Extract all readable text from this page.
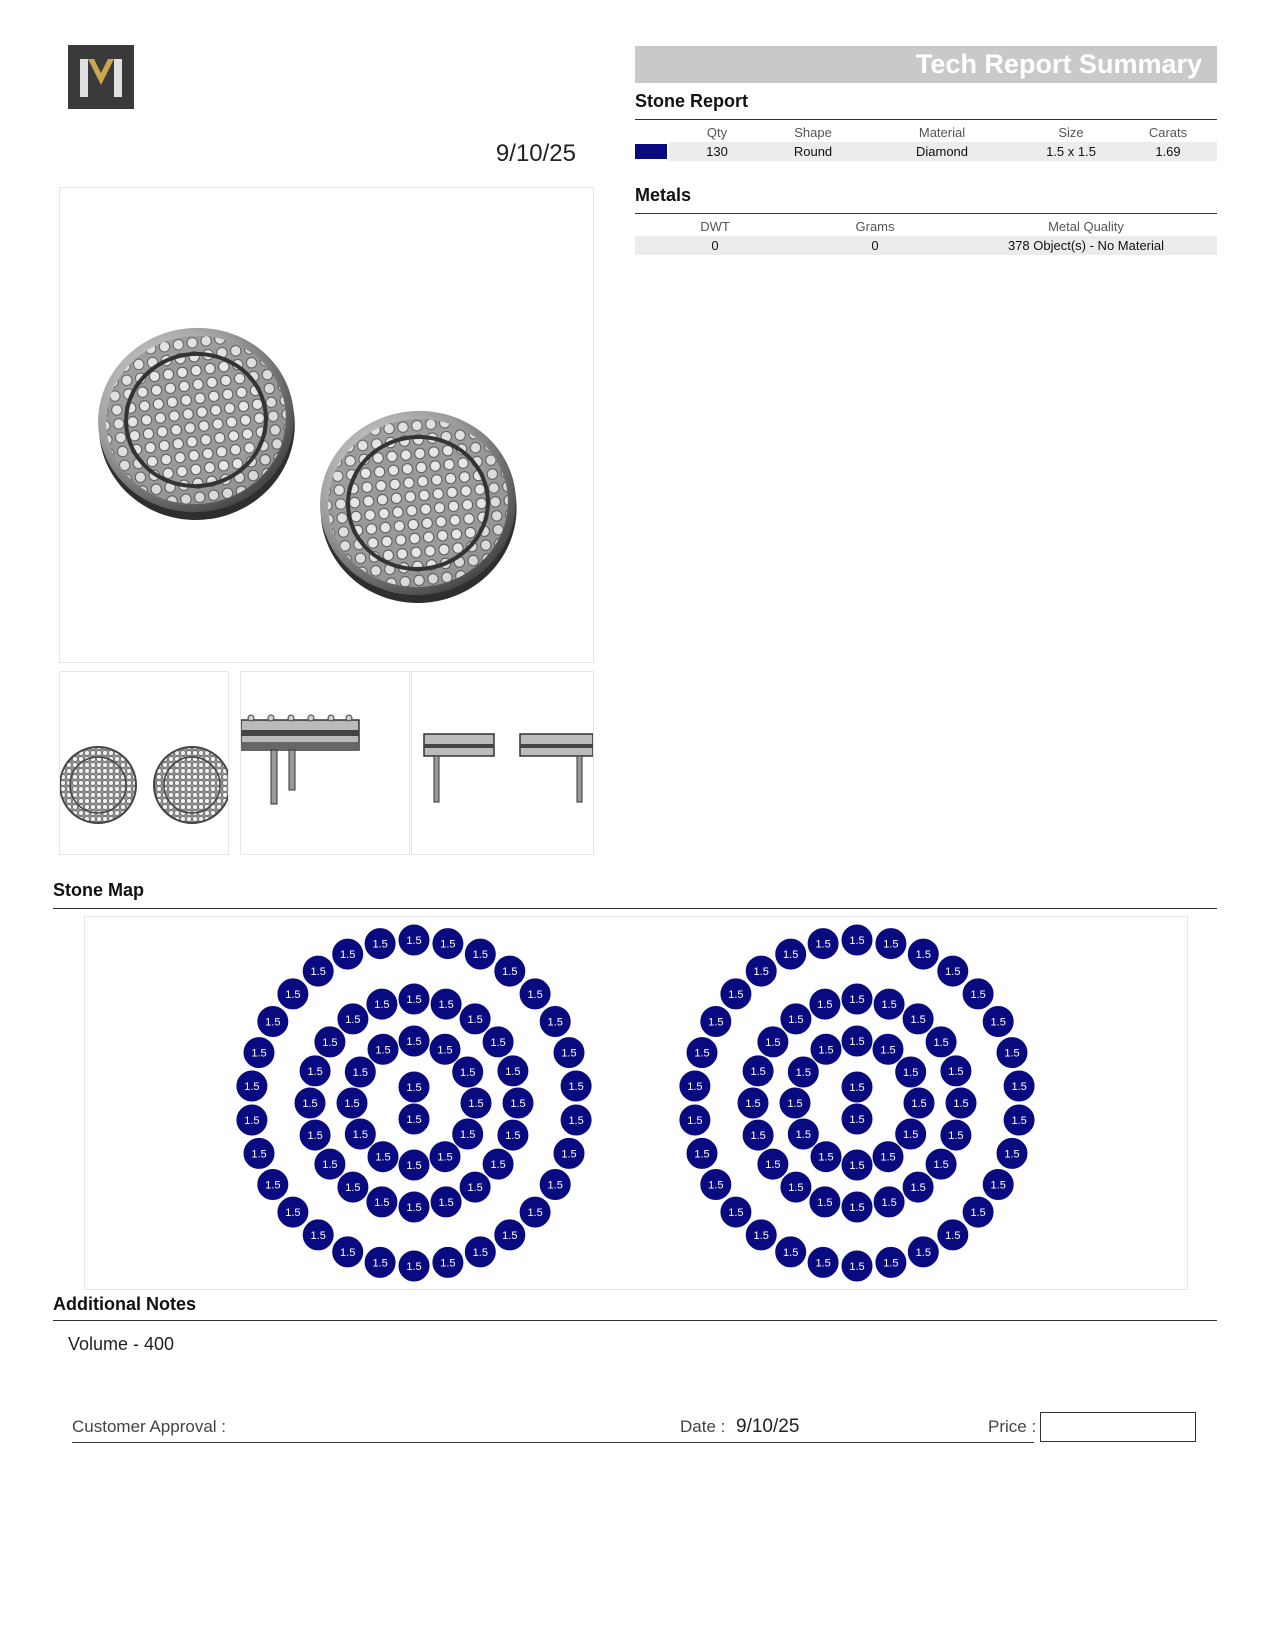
9/10/25
Tech Report Summary
Stone Report
	Qty	Shape	Material	Size	Carats

	130	Round	Diamond	1.5 x 1.5	1.69
Metals
DWT	Grams	Metal Quality
0	0	378 Object(s) - No Material
Stone Map
1.5 1.5
1.5
1.5
1.5
1.5
1.5
1.5
1.5
1.5
1.5
1.5
1.5
1.5
1.5
1.5
1.5
1.5
1.5
1.5
1.5
1.5
1.5
1.5
1.5
1.5
1.5
1.5
1.5
1.5
1.5 1.5
1.5
1.5
1.5
1.5
1.5
1.5
1.5
1.5
1.5
1.5
1.5
1.5
1.5
1.5
1.5
1.5
1.5
1.5
1.5
1.5
1.5
1.5
1.5
1.5
1.5
1.5
1.5
1.5
1.5
1.5
1.5
1.5
1.5 1.5
1.5
1.5
1.5
1.5
1.5
1.5
1.5
1.5
1.5
1.5
1.5
1.5
1.5
1.5
1.5
1.5
1.5
1.5
1.5
1.5
1.5
1.5
1.5
1.5
1.5
1.5
1.5
1.5
1.5 1.5
1.5
1.5
1.5
1.5
1.5
1.5
1.5
1.5
1.5
1.5
1.5
1.5
1.5
1.5
1.5
1.5
1.5
1.5
1.5
1.5
1.5
1.5
1.5
1.5
1.5
1.5
1.5
1.5
1.5
1.5
1.5
1.5
Additional Notes
Volume - 400
Customer Approval :	Date : 9/10/25	Price :
